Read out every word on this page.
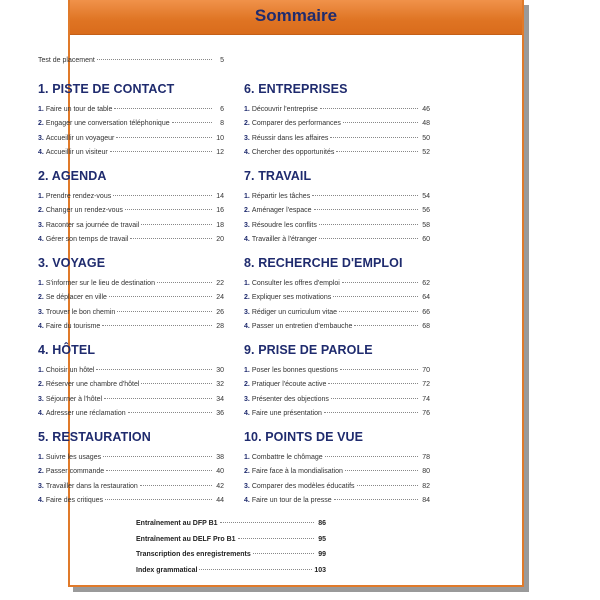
Sommaire
Test de placement	5
1. PISTE DE CONTACT
1. Faire un tour de table	6
2. Engager une conversation téléphonique	8
3. Accueillir un voyageur	10
4. Accueillir un visiteur	12
2. AGENDA
1. Prendre rendez-vous	14
2. Changer un rendez-vous	16
3. Raconter sa journée de travail	18
4. Gérer son temps de travail	20
3. VOYAGE
1. S'informer sur le lieu de destination	22
2. Se déplacer en ville	24
3. Trouver le bon chemin	26
4. Faire du tourisme	28
4. HÔTEL
1. Choisir un hôtel	30
2. Réserver une chambre d'hôtel	32
3. Séjourner à l'hôtel	34
4. Adresser une réclamation	36
5. RESTAURATION
1. Suivre les usages	38
2. Passer commande	40
3. Travailler dans la restauration	42
4. Faire des critiques	44
6. ENTREPRISES
1. Découvrir l'entreprise	46
2. Comparer des performances	48
3. Réussir dans les affaires	50
4. Chercher des opportunités	52
7. TRAVAIL
1. Répartir les tâches	54
2. Aménager l'espace	56
3. Résoudre les conflits	58
4. Travailler à l'étranger	60
8. RECHERCHE D'EMPLOI
1. Consulter les offres d'emploi	62
2. Expliquer ses motivations	64
3. Rédiger un curriculum vitae	66
4. Passer un entretien d'embauche	68
9. PRISE DE PAROLE
1. Poser les bonnes questions	70
2. Pratiquer l'écoute active	72
3. Présenter des objections	74
4. Faire une présentation	76
10. POINTS DE VUE
1. Combattre le chômage	78
2. Faire face à la mondialisation	80
3. Comparer des modèles éducatifs	82
4. Faire un tour de la presse	84
Entraînement au DFP B1	86
Entraînement au DELF Pro B1	95
Transcription des enregistrements	99
Index grammatical	103
